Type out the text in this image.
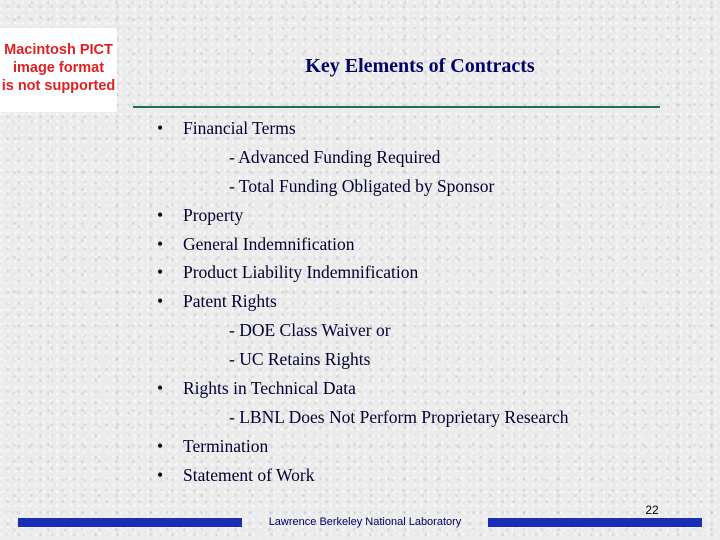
Macintosh PICT
image format
is not supported
Key Elements of Contracts
• Financial Terms
- Advanced Funding Required
- Total Funding Obligated by Sponsor
• Property
• General Indemnification
• Product Liability Indemnification
• Patent Rights
- DOE Class Waiver or
- UC Retains Rights
• Rights in Technical Data
- LBNL Does Not Perform Proprietary Research
• Termination
• Statement of Work
Lawrence Berkeley National Laboratory
22
